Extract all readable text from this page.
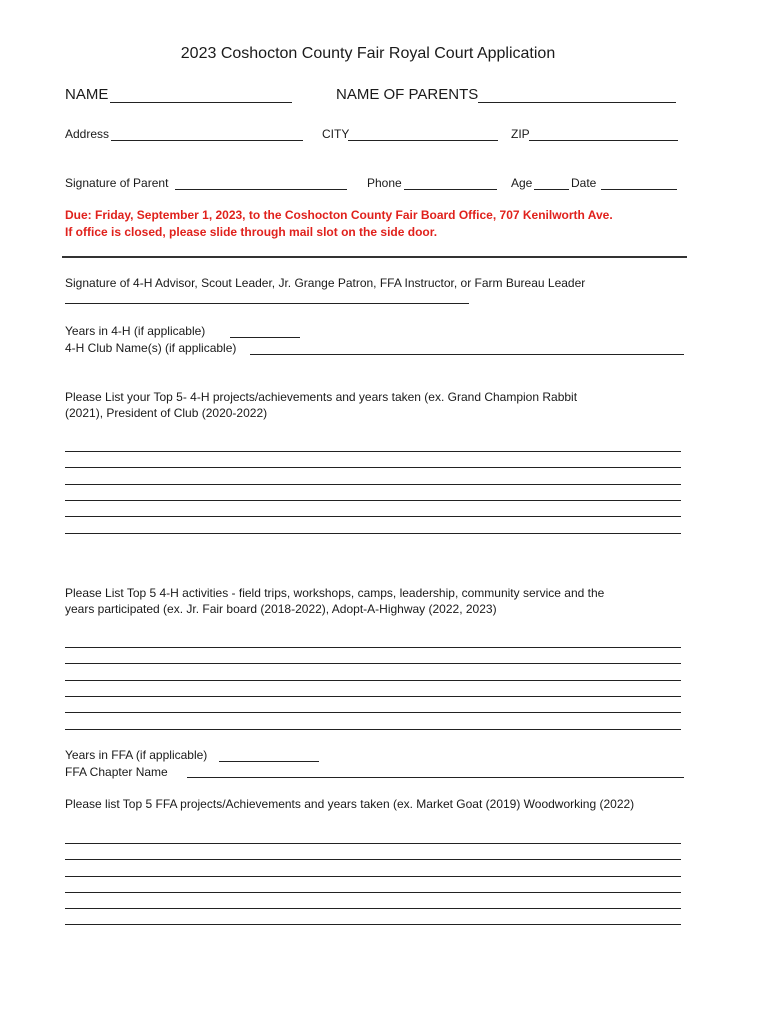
2023 Coshocton County Fair Royal Court Application
NAME	NAME OF PARENTS
Address	CITY	ZIP
Signature of Parent	Phone	Age	Date
Due: Friday, September 1, 2023, to the Coshocton County Fair Board Office, 707 Kenilworth Ave.
If office is closed, please slide through mail slot on the side door.
Signature of 4-H Advisor, Scout Leader, Jr. Grange Patron, FFA Instructor, or Farm Bureau Leader
Years in 4-H (if applicable)
4-H Club Name(s) (if applicable)
Please List your Top 5- 4-H projects/achievements and years taken (ex. Grand Champion Rabbit
(2021), President of Club (2020-2022)
Please List Top 5 4-H activities - field trips, workshops, camps, leadership, community service and the
years participated (ex. Jr. Fair board (2018-2022), Adopt-A-Highway (2022, 2023)
Years in FFA (if applicable)
FFA Chapter Name
Please list Top 5 FFA projects/Achievements and years taken (ex. Market Goat (2019) Woodworking (2022)
